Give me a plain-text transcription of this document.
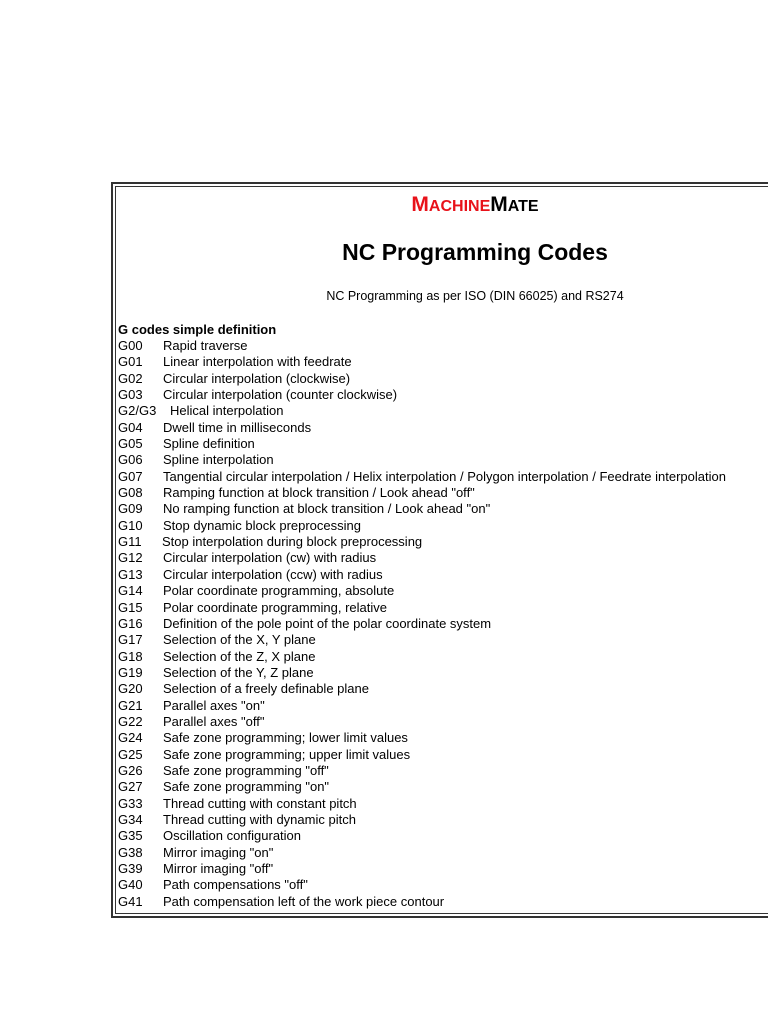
MACHINEMATE
NC Programming Codes
NC Programming as per ISO (DIN 66025) and RS274
G codes simple definition
G00 Rapid traverse
G01 Linear interpolation with feedrate
G02 Circular interpolation (clockwise)
G03 Circular interpolation (counter clockwise)
G2/G3 Helical interpolation
G04 Dwell time in milliseconds
G05 Spline definition
G06 Spline interpolation
G07 Tangential circular interpolation / Helix interpolation / Polygon interpolation / Feedrate interpolation
G08 Ramping function at block transition / Look ahead "off"
G09 No ramping function at block transition / Look ahead "on"
G10 Stop dynamic block preprocessing
G11 Stop interpolation during block preprocessing
G12 Circular interpolation (cw) with radius
G13 Circular interpolation (ccw) with radius
G14 Polar coordinate programming, absolute
G15 Polar coordinate programming, relative
G16 Definition of the pole point of the polar coordinate system
G17 Selection of the X, Y plane
G18 Selection of the Z, X plane
G19 Selection of the Y, Z plane
G20 Selection of a freely definable plane
G21 Parallel axes "on"
G22 Parallel axes "off"
G24 Safe zone programming; lower limit values
G25 Safe zone programming; upper limit values
G26 Safe zone programming "off"
G27 Safe zone programming "on"
G33 Thread cutting with constant pitch
G34 Thread cutting with dynamic pitch
G35 Oscillation configuration
G38 Mirror imaging "on"
G39 Mirror imaging "off"
G40 Path compensations "off"
G41 Path compensation left of the work piece contour
